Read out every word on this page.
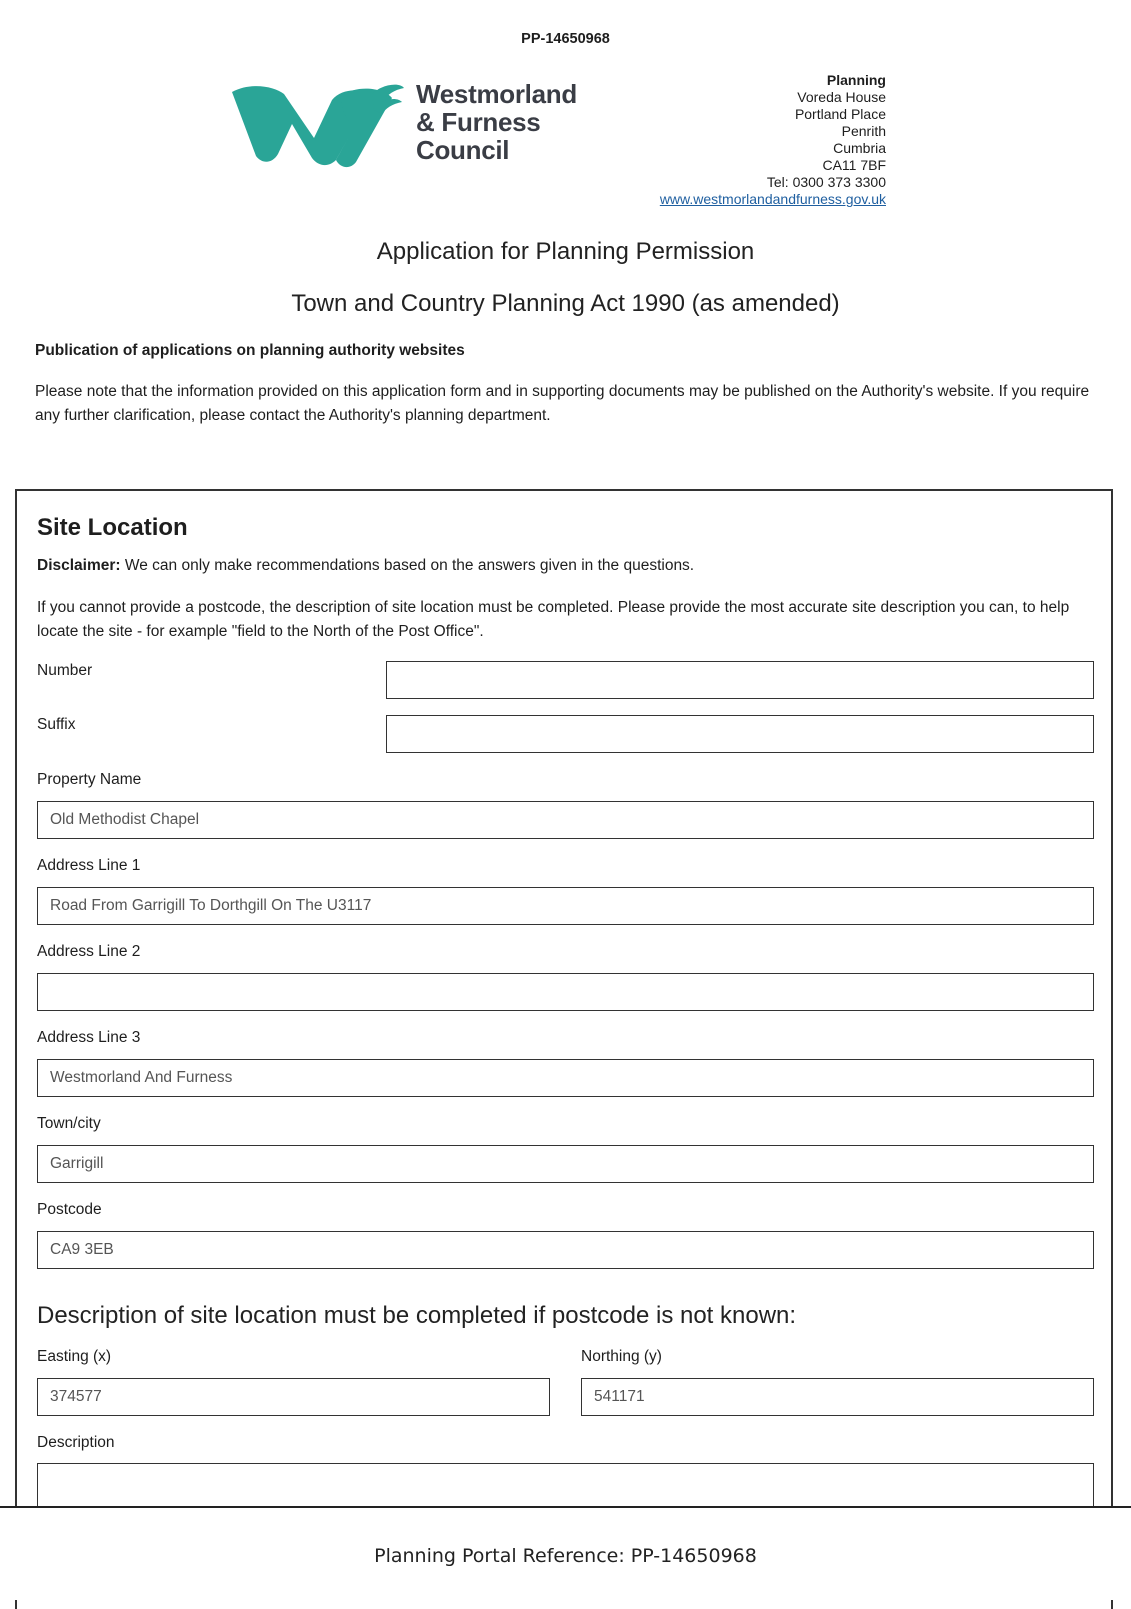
PP-14650968
Westmorland
& Furness
Council
Planning
Voreda House
Portland Place
Penrith
Cumbria
CA11 7BF
Tel: 0300 373 3300
www.westmorlandandfurness.gov.uk
Application for Planning Permission
Town and Country Planning Act 1990 (as amended)
Publication of applications on planning authority websites
Please note that the information provided on this application form and in supporting documents may be published on the Authority's website. If you require any further clarification, please contact the Authority's planning department.
Site Location
Disclaimer: We can only make recommendations based on the answers given in the questions.
If you cannot provide a postcode, the description of site location must be completed. Please provide the most accurate site description you can, to help locate the site - for example "field to the North of the Post Office".
Number
Suffix
Property Name
Old Methodist Chapel
Address Line 1
Road From Garrigill To Dorthgill On The U3117
Address Line 2
Address Line 3
Westmorland And Furness
Town/city
Garrigill
Postcode
CA9 3EB
Description of site location must be completed if postcode is not known:
Easting (x)
374577
Northing (y)
541171
Description
Planning Portal Reference: PP-14650968
